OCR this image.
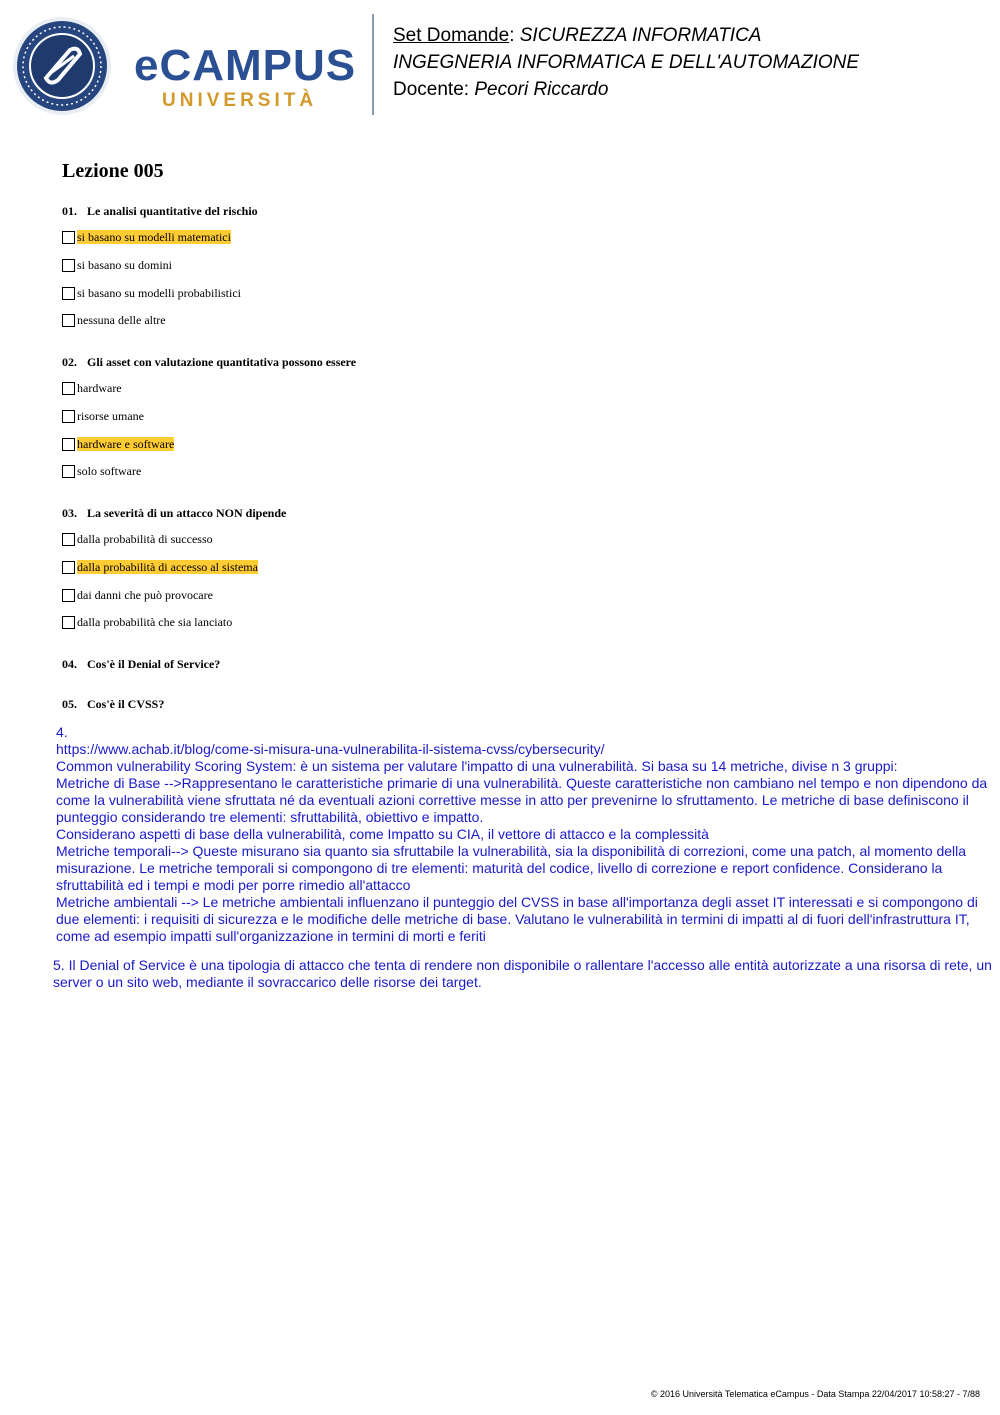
eCAMPUS
UNIVERSITÀ
Set Domande: SICUREZZA INFORMATICA
INGEGNERIA INFORMATICA E DELL'AUTOMAZIONE
Docente: Pecori Riccardo
Lezione 005
01. Le analisi quantitative del rischio
si basano su modelli matematici
si basano su domini
si basano su modelli probabilistici
nessuna delle altre
02. Gli asset con valutazione quantitativa possono essere
hardware
risorse umane
hardware e software
solo software
03. La severità di un attacco NON dipende
dalla probabilità di successo
dalla probabilità di accesso al sistema
dai danni che può provocare
dalla probabilità che sia lanciato
04. Cos'è il Denial of Service?
05. Cos'è il CVSS?

4.

https://www.achab.it/blog/come-si-misura-una-vulnerabilita-il-sistema-cvss/cybersecurity/

Common vulnerability Scoring System: è un sistema per valutare l'impatto di una vulnerabilità. Si basa su 14 metriche, divise n 3 gruppi:

Metriche di Base -->Rappresentano le caratteristiche primarie di una vulnerabilità. Queste caratteristiche non cambiano nel tempo e non dipendono da come la vulnerabilità viene sfruttata né da eventuali azioni correttive messe in atto per prevenirne lo sfruttamento. Le metriche di base definiscono il punteggio considerando tre elementi: sfruttabilità, obiettivo e impatto.

Considerano aspetti di base della vulnerabilità, come Impatto su CIA, il vettore di attacco e la complessità

Metriche temporali--> Queste misurano sia quanto sia sfruttabile la vulnerabilità, sia la disponibilità di correzioni, come una patch, al momento della misurazione. Le metriche temporali si compongono di tre elementi: maturità del codice, livello di correzione e report confidence. Considerano la sfruttabilità ed i tempi e modi per porre rimedio all'attacco

Metriche ambientali --> Le metriche ambientali influenzano il punteggio del CVSS in base all'importanza degli asset IT interessati e si compongono di due elementi: i requisiti di sicurezza e le modifiche delle metriche di base. Valutano le vulnerabilità in termini di impatti al di fuori dell'infrastruttura IT, come ad esempio impatti sull'organizzazione in termini di morti e feriti

5. Il Denial of Service è una tipologia di attacco che tenta di rendere non disponibile o rallentare l'accesso alle entità autorizzate a una risorsa di rete, un server o un sito web, mediante il sovraccarico delle risorse dei target.
© 2016 Università Telematica eCampus - Data Stampa 22/04/2017 10:58:27 - 7/88
